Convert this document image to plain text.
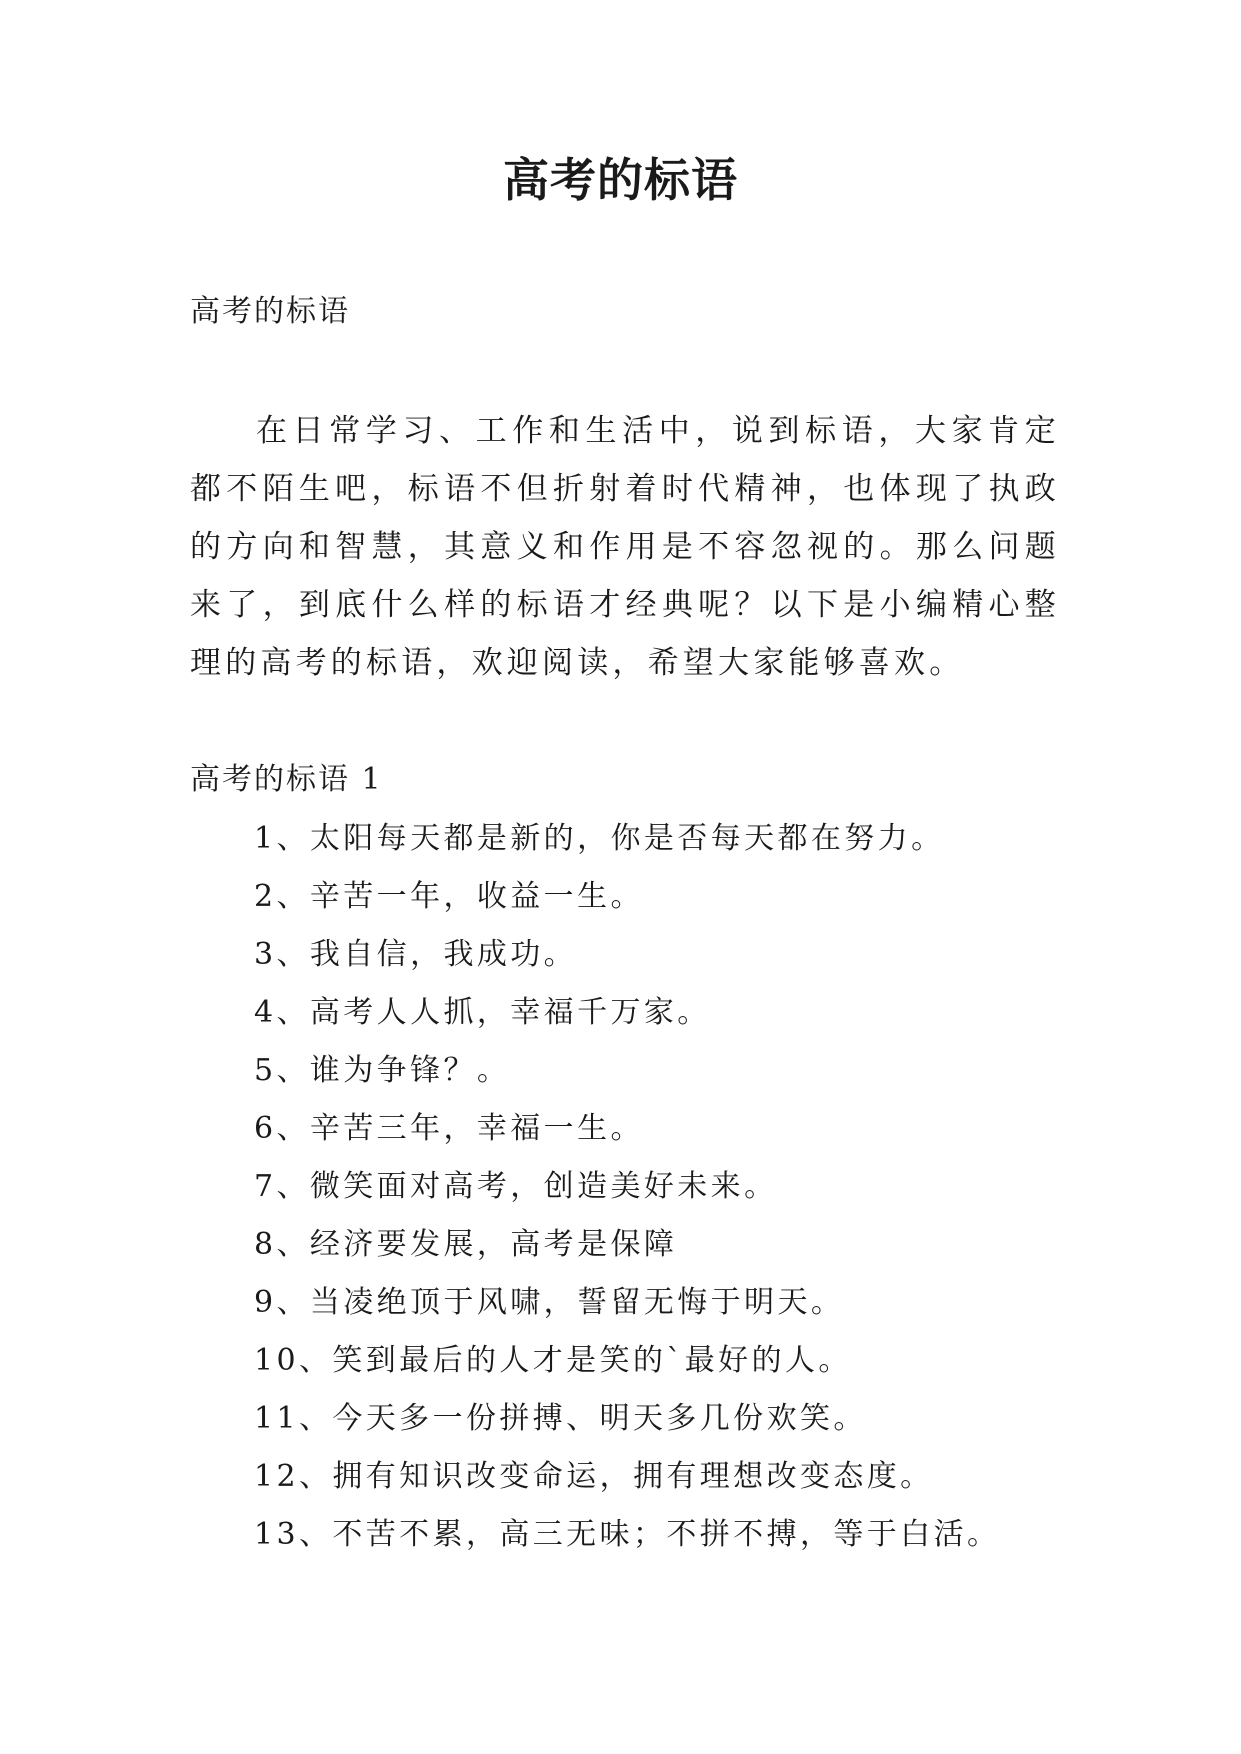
高考的标语
高考的标语

在日常学习、工作和生活中，说到标语，大家肯定都不陌生吧，标语不但折射着时代精神，也体现了执政的方向和智慧，其意义和作用是不容忽视的。那么问题来了，到底什么样的标语才经典呢？以下是小编精心整理的高考的标语，欢迎阅读，希望大家能够喜欢。

高考的标语 1
1、太阳每天都是新的，你是否每天都在努力。
2、辛苦一年，收益一生。
3、我自信，我成功。
4、高考人人抓，幸福千万家。
5、谁为争锋？。
6、辛苦三年，幸福一生。
7、微笑面对高考，创造美好未来。
8、经济要发展，高考是保障
9、当凌绝顶于风啸，誓留无悔于明天。
10、笑到最后的人才是笑的`最好的人。
11、今天多一份拼搏、明天多几份欢笑。
12、拥有知识改变命运，拥有理想改变态度。
13、不苦不累，高三无味；不拼不搏，等于白活。
